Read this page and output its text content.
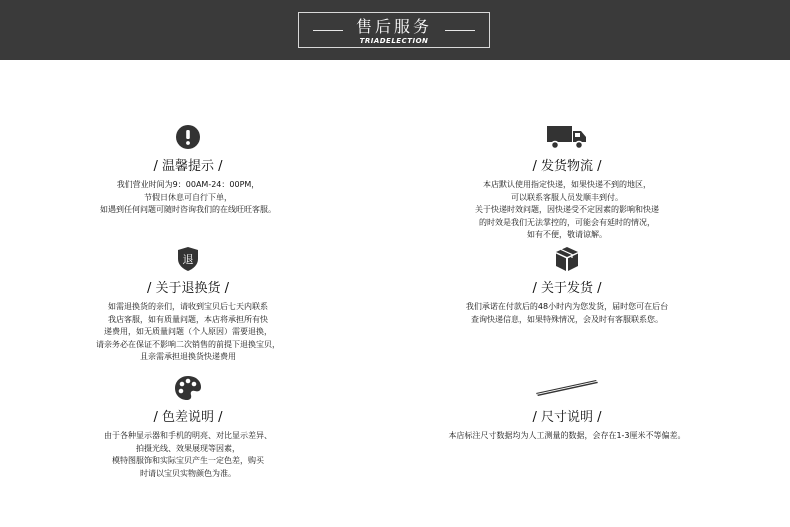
售后服务
TRIADELECTION
/ 温馨提示 /
我们营业时间为9：00AM-24：00PM，
节假日休息可自行下单，
如遇到任何问题可随时咨询我们的在线旺旺客服。
/ 发货物流 /
本店默认使用指定快递，如果快递不到的地区，
可以联系客服人员发顺丰到付。
关于快递时效问题，因快递受不定因素的影响和快递
的时效是我们无法掌控的，可能会有延时的情况，
如有不便，敬请谅解。
退
/ 关于退换货 /
如需退换货的亲们，请收到宝贝后七天内联系
我店客服，如有质量问题，本店将承担所有快
递费用，如无质量问题（个人原因）需要退换，
请亲务必在保证不影响二次销售的前提下退换宝贝，
且亲需承担退换货快递费用
/ 关于发货 /
我们承诺在付款后的48小时内为您发货，届时您可在后台
查询快递信息，如果特殊情况，会及时有客服联系您。
/ 色差说明 /
由于各种显示器和手机的明亮、对比显示差异、
拍摄光线、效果展现等因素，
模特图服饰和实际宝贝产生一定色差，购买
时请以宝贝实物颜色为准。
/ 尺寸说明 /
本店标注尺寸数据均为人工测量的数据，会存在1-3厘米不等偏差。
